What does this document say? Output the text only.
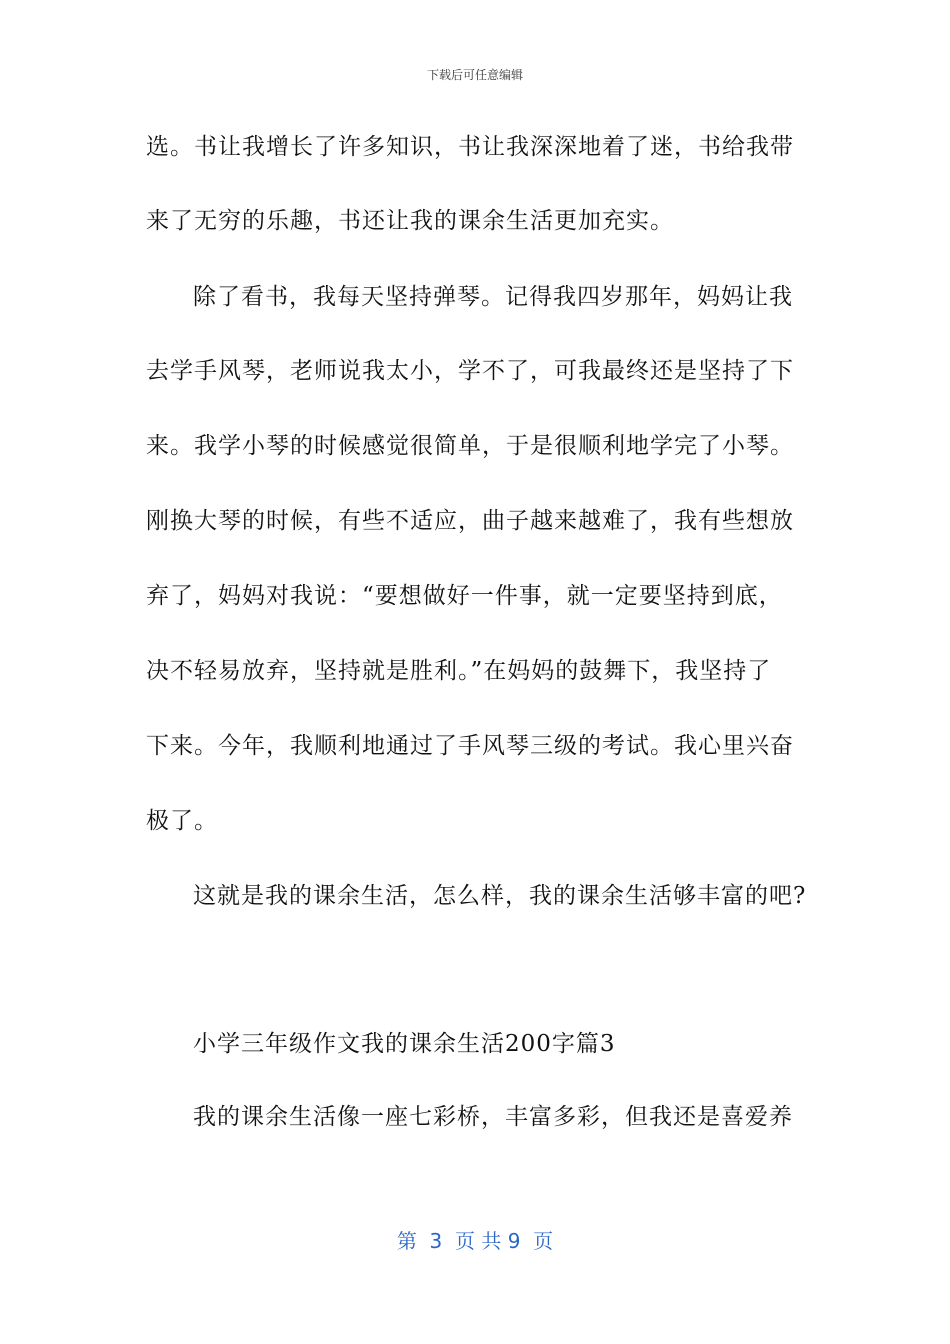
下载后可任意编辑
选。书让我增长了许多知识，书让我深深地着了迷，书给我带
来了无穷的乐趣，书还让我的课余生活更加充实。
除了看书，我每天坚持弹琴。记得我四岁那年，妈妈让我
去学手风琴，老师说我太小，学不了，可我最终还是坚持了下
来。我学小琴的时候感觉很简单，于是很顺利地学完了小琴。
刚换大琴的时候，有些不适应，曲子越来越难了，我有些想放
弃了，妈妈对我说：“要想做好一件事，就一定要坚持到底，
决不轻易放弃，坚持就是胜利。”在妈妈的鼓舞下，我坚持了
下来。今年，我顺利地通过了手风琴三级的考试。我心里兴奋
极了。
这就是我的课余生活，怎么样，我的课余生活够丰富的吧?
小学三年级作文我的课余生活200字篇3
我的课余生活像一座七彩桥，丰富多彩，但我还是喜爱养
第  3  页 共 9  页
